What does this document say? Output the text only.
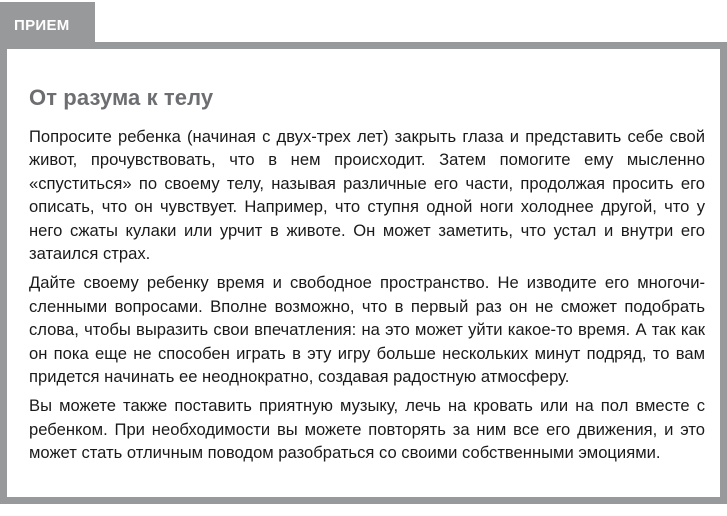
ПРИЕМ
От разума к телу

Попросите ребенка (начиная с двух-трех лет) закрыть глаза и представить себе свой живот, прочувствовать, что в нем происходит. Затем помогите ему мысленно «спуститься» по своему телу, называя различные его части, продолжая просить его описать, что он чувствует. Например, что ступня одной ноги холоднее другой, что у него сжаты кулаки или урчит в животе. Он может заметить, что устал и внутри его затаился страх.

Дайте своему ребенку время и свободное пространство. Не изводите его многочисленными вопросами. Вполне возможно, что в первый раз он не сможет подобрать слова, чтобы выразить свои впечатления: на это может уйти какое-то время. А так как он пока еще не способен играть в эту игру больше нескольких минут подряд, то вам придется начинать ее неоднократно, создавая радостную атмосферу.

Вы можете также поставить приятную музыку, лечь на кровать или на пол вместе с ребенком. При необходимости вы можете повторять за ним все его движения, и это может стать отличным поводом разобраться со своими собственными эмоциями.
